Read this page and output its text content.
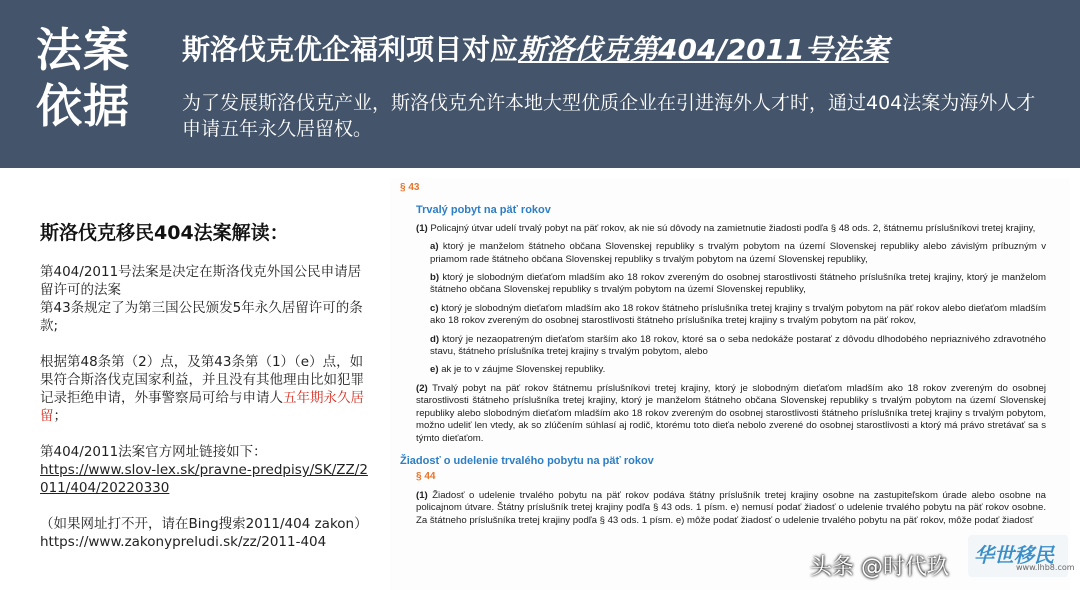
法案
依据
斯洛伐克优企福利项目对应斯洛伐克第404/2011号法案
为了发展斯洛伐克产业，斯洛伐克允许本地大型优质企业在引进海外人才时，通过404法案为海外人才申请五年永久居留权。
斯洛伐克移民404法案解读：

第404/2011号法案是决定在斯洛伐克外国公民申请居留许可的法案

第43条规定了为第三国公民颁发5年永久居留许可的条款;

根据第48条第（2）点，及第43条第（1）（e）点，如果符合斯洛伐克国家利益，并且没有其他理由比如犯罪记录拒绝申请，外事警察局可给与申请人五年期永久居留；

第404/2011法案官方网址链接如下：

https://www.slov-lex.sk/pravne-predpisy/SK/ZZ/2011/404/20220330

（如果网址打不开，请在Bing搜索2011/404 zakon）

https://www.zakonypreludi.sk/zz/2011-404

§ 43
Trvalý pobyt na päť rokov
(1) Policajný útvar udelí trvalý pobyt na päť rokov, ak nie sú dôvody na zamietnutie žiadosti podľa § 48 ods. 2, štátnemu príslušníkovi tretej krajiny,
a) ktorý je manželom štátneho občana Slovenskej republiky s trvalým pobytom na území Slovenskej republiky alebo závislým príbuzným v priamom rade štátneho občana Slovenskej republiky s trvalým pobytom na území Slovenskej republiky,
b) ktorý je slobodným dieťaťom mladším ako 18 rokov zvereným do osobnej starostlivosti štátneho príslušníka tretej krajiny, ktorý je manželom štátneho občana Slovenskej republiky s trvalým pobytom na území Slovenskej republiky,
c) ktorý je slobodným dieťaťom mladším ako 18 rokov štátneho príslušníka tretej krajiny s trvalým pobytom na päť rokov alebo dieťaťom mladším ako 18 rokov zvereným do osobnej starostlivosti štátneho príslušníka tretej krajiny s trvalým pobytom na päť rokov,
d) ktorý je nezaopatreným dieťaťom starším ako 18 rokov, ktoré sa o seba nedokáže postarať z dôvodu dlhodobého nepriaznivého zdravotného stavu, štátneho príslušníka tretej krajiny s trvalým pobytom, alebo
e) ak je to v záujme Slovenskej republiky.
(2) Trvalý pobyt na päť rokov štátnemu príslušníkovi tretej krajiny, ktorý je slobodným dieťaťom mladším ako 18 rokov zvereným do osobnej starostlivosti štátneho príslušníka tretej krajiny, ktorý je manželom štátneho občana Slovenskej republiky s trvalým pobytom na území Slovenskej republiky alebo slobodným dieťaťom mladším ako 18 rokov zvereným do osobnej starostlivosti štátneho príslušníka tretej krajiny s trvalým pobytom, možno udeliť len vtedy, ak so zlúčením súhlasí aj rodič, ktorému toto dieťa nebolo zverené do osobnej starostlivosti a ktorý má právo stretávať sa s týmto dieťaťom.
Žiadosť o udelenie trvalého pobytu na päť rokov
§ 44
(1) Žiadosť o udelenie trvalého pobytu na päť rokov podáva štátny príslušník tretej krajiny osobne na zastupiteľskom úrade alebo osobne na policajnom útvare. Štátny príslušník tretej krajiny podľa § 43 ods. 1 písm. e) nemusí podať žiadosť o udelenie trvalého pobytu na päť rokov osobne. Za štátneho príslušníka tretej krajiny podľa § 43 ods. 1 písm. e) môže podať žiadosť o udelenie trvalého pobytu na päť rokov, môže podať žiadosť
头条 @时代玖 华世移民
www.lhb8.com
